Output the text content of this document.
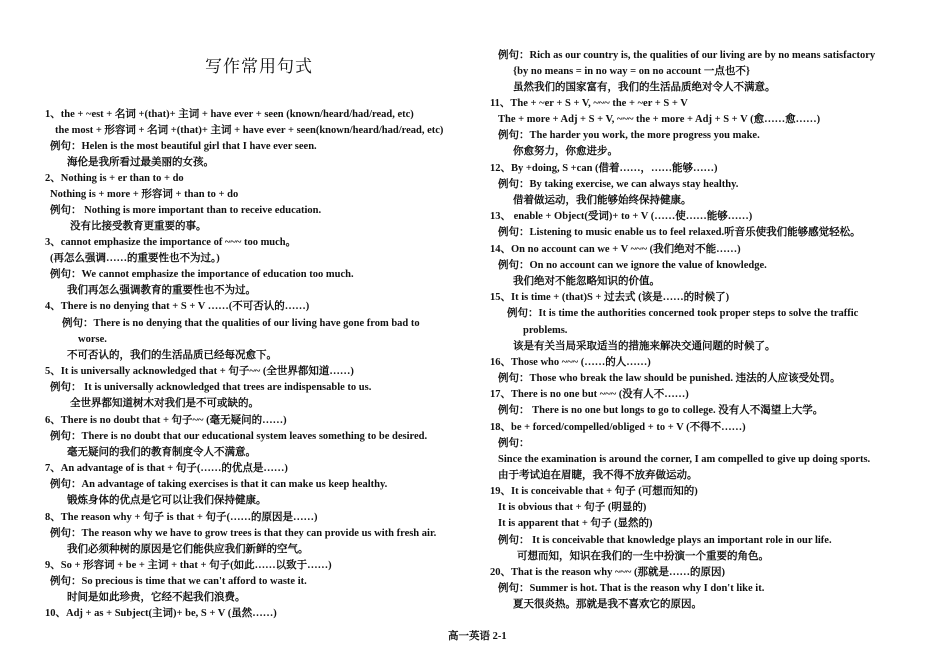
写作常用句式
1、the + ~est + 名词 +(that)+ 主词 + have ever + seen (known/heard/had/read, etc)
the most + 形容词 + 名词 +(that)+ 主词 + have ever + seen(known/heard/had/read, etc)
例句：Helen is the most beautiful girl that I have ever seen.
海伦是我所看过最美丽的女孩。
2、Nothing is + er than to + do
Nothing is + more + 形容词 + than to + do
例句： Nothing is more important than to receive education.
没有比接受教育更重要的事。
3、cannot emphasize the importance of ~~~ too much。
(再怎么强调……的重要性也不为过。)
例句：We cannot emphasize the importance of education too much.
我们再怎么强调教育的重要性也不为过。
4、There is no denying that + S + V ……(不可否认的……)
例句：There is no denying that the qualities of our living have gone from bad to
worse.
不可否认的，我们的生活品质已经每况愈下。
5、It is universally acknowledged that + 句子~~ (全世界都知道……)
例句： It is universally acknowledged that trees are indispensable to us.
全世界都知道树木对我们是不可或缺的。
6、There is no doubt that + 句子~~ (毫无疑问的……)
例句：There is no doubt that our educational system leaves something to be desired.
毫无疑问的我们的教育制度令人不满意。
7、An advantage of is that + 句子(……的优点是……)
例句：An advantage of taking exercises is that it can make us keep healthy.
锻炼身体的优点是它可以让我们保持健康。
8、The reason why + 句子 is that + 句子(……的原因是……)
例句：The reason why we have to grow trees is that they can provide us with fresh air.
我们必须种树的原因是它们能供应我们新鲜的空气。
9、So + 形容词 + be + 主词 + that + 句子(如此……以致于……)
例句：So precious is time that we can't afford to waste it.
时间是如此珍贵，它经不起我们浪费。
10、Adj + as + Subject(主词)+ be, S + V (虽然……)
例句：Rich as our country is, the qualities of our living are by no means satisfactory
{by no means = in no way = on no account 一点也不}
虽然我们的国家富有，我们的生活品质绝对令人不满意。
11、The + ~er + S + V, ~~~ the + ~er + S + V
The + more + Adj + S + V, ~~~ the + more + Adj + S + V (愈……愈……)
例句：The harder you work, the more progress you make.
你愈努力，你愈进步。
12、By +doing, S +can (借着……，……能够……)
例句：By taking exercise, we can always stay healthy.
借着做运动，我们能够始终保持健康。
13、 enable + Object(受词)+ to + V (……使……能够……)
例句：Listening to music enable us to feel relaxed.听音乐使我们能够感觉轻松。
14、On no account can we + V ~~~ (我们绝对不能……)
例句：On no account can we ignore the value of knowledge.
我们绝对不能忽略知识的价值。
15、It is time + (that)S + 过去式 (该是……的时候了)
例句：It is time the authorities concerned took proper steps to solve the traffic
problems.
该是有关当局采取适当的措施来解决交通问题的时候了。
16、Those who ~~~ (……的人……)
例句：Those who break the law should be punished. 违法的人应该受处罚。
17、There is no one but ~~~ (没有人不……)
例句： There is no one but longs to go to college. 没有人不渴望上大学。
18、be + forced/compelled/obliged + to + V (不得不……)
例句：
Since the examination is around the corner, I am compelled to give up doing sports.
由于考试迫在眉睫，我不得不放弃做运动。
19、It is conceivable that + 句子 (可想而知的)
It is obvious that + 句子 (明显的)
It is apparent that + 句子 (显然的)
例句： It is conceivable that knowledge plays an important role in our life.
可想而知，知识在我们的一生中扮演一个重要的角色。
20、That is the reason why ~~~ (那就是……的原因)
例句：Summer is hot. That is the reason why I don't like it.
夏天很炎热。那就是我不喜欢它的原因。
高一英语 2-1
